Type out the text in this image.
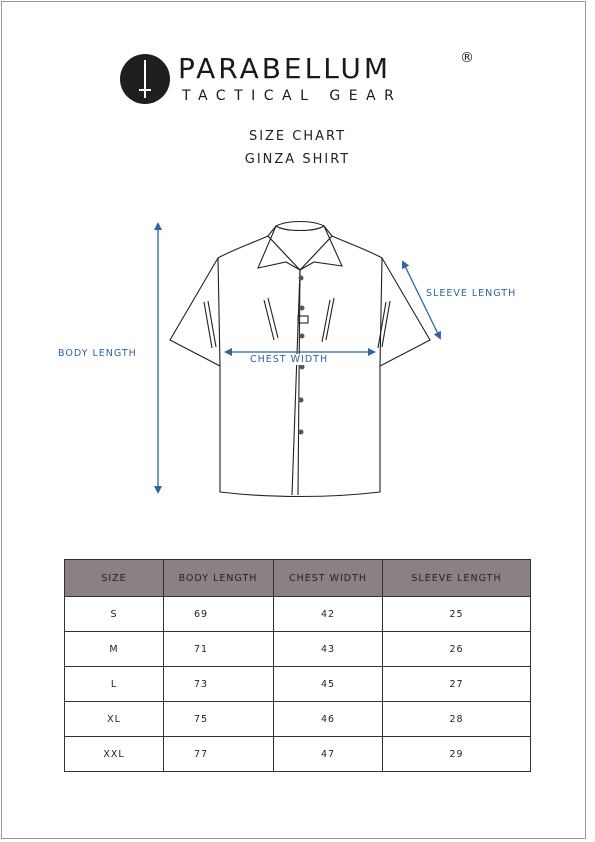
PARABELLUM	®
TACTICAL GEAR
SIZE CHART
GINZA SHIRT
BODY LENGTH
CHEST WIDTH
SLEEVE LENGTH
SIZE	BODY LENGTH	CHEST WIDTH	SLEEVE LENGTH
S	69	42	25
M	71	43	26
L	73	45	27
XL	75	46	28
XXL	77	47	29
